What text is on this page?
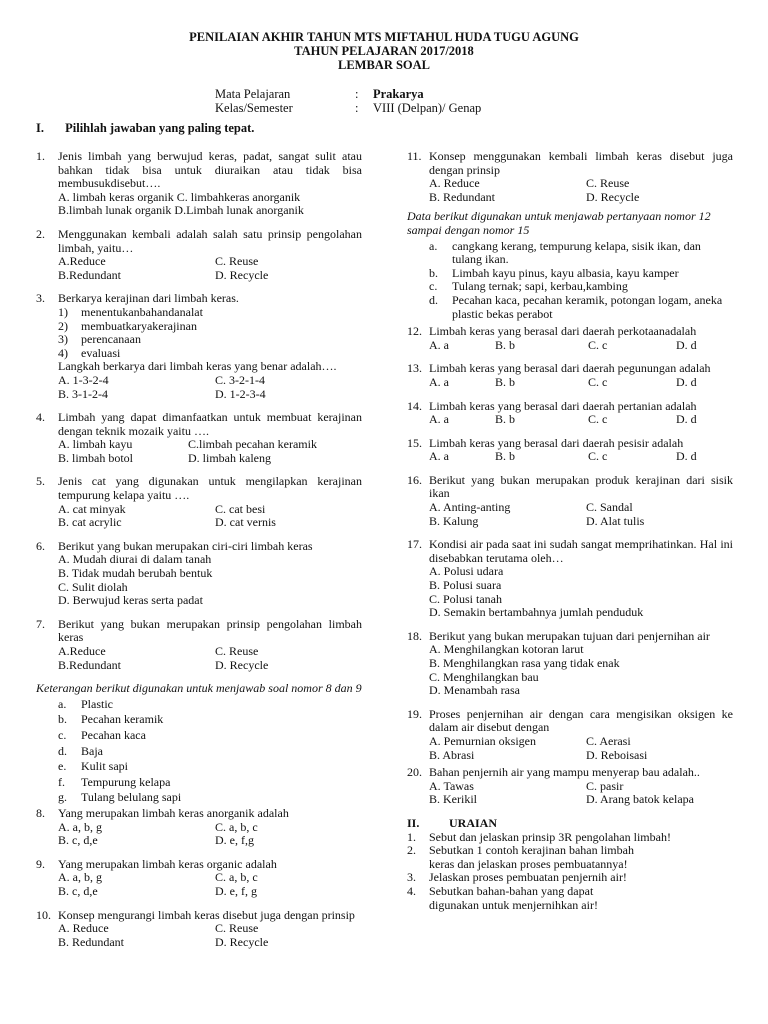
PENILAIAN AKHIR TAHUN MTS MIFTAHUL HUDA TUGU AGUNG
TAHUN PELAJARAN 2017/2018
LEMBAR SOAL
Mata Pelajaran	:	Prakarya
Kelas/Semester	:	VIII (Delpan)/ Genap
I. Pilihlah jawaban yang paling tepat.
1.	Jenis limbah yang berwujud keras, padat, sangat sulit atau bahkan tidak bisa untuk diuraikan atau tidak bisa membusukdisebut….
A. limbah keras organik C. limbahkeras anorganik
B.limbah lunak organik D.Limbah lunak anorganik
2.	Menggunakan kembali adalah salah satu prinsip pengolahan limbah, yaitu…
A.Reduce	C. Reuse
B.Redundant	D. Recycle
3.	Berkarya kerajinan dari limbah keras.
1)	menentukanbahandanalat
2)	membuatkaryakerajinan
3)	perencanaan
4)	evaluasi
Langkah berkarya dari limbah keras yang benar adalah….
A. 1-3-2-4	C. 3-2-1-4
B. 3-1-2-4	D. 1-2-3-4
4.	Limbah yang dapat dimanfaatkan untuk membuat kerajinan dengan teknik mozaik yaitu ….
A. limbah kayu	C.limbah pecahan keramik
B. limbah botol	D. limbah kaleng
5.	Jenis cat yang digunakan untuk mengilapkan kerajinan tempurung kelapa yaitu ….
A. cat minyak	C. cat besi
B. cat acrylic	D. cat vernis
6.	Berikut yang bukan merupakan ciri-ciri limbah keras
A. Mudah diurai di dalam tanah
B. Tidak mudah berubah bentuk
C. Sulit diolah
D. Berwujud keras serta padat
7.	Berikut yang bukan merupakan prinsip pengolahan limbah keras
A.Reduce	C. Reuse
B.Redundant	D. Recycle
Keterangan berikut digunakan untuk menjawab soal nomor 8 dan 9
a.	Plastic
b.	Pecahan keramik
c.	Pecahan kaca
d.	Baja
e.	Kulit sapi
f.	Tempurung kelapa
g.	Tulang belulang sapi
8.	Yang merupakan limbah keras anorganik adalah
A. a, b, g	C. a, b, c
B. c, d,e	D. e, f,g
9.	Yang merupakan limbah keras organic adalah
A. a, b, g	C. a, b, c
B. c, d,e	D. e, f, g
10. Konsep mengurangi limbah keras disebut juga dengan prinsip
A. Reduce	C. Reuse
B. Redundant	D. Recycle
11. Konsep menggunakan kembali limbah keras disebut juga dengan prinsip
A. Reduce	C. Reuse
B. Redundant	D. Recycle
Data berikut digunakan untuk menjawab pertanyaan nomor 12 sampai dengan nomor 15
a.	cangkang kerang, tempurung kelapa, sisik ikan, dan tulang ikan.
b.	Limbah kayu pinus, kayu albasia, kayu kamper
c.	Tulang ternak; sapi, kerbau,kambing
d.	Pecahan kaca, pecahan keramik, potongan logam, aneka plastic bekas perabot
12. Limbah keras yang berasal dari daerah perkotaanadalah
A. a	B. b	C. c	D. d
13. Limbah keras yang berasal dari daerah pegunungan adalah
A. a	B. b	C. c	D. d
14. Limbah keras yang berasal dari daerah pertanian adalah
A. a	B. b	C. c	D. d
15. Limbah keras yang berasal dari daerah pesisir adalah
A. a	B. b	C. c	D. d
16. Berikut yang bukan merupakan produk kerajinan dari sisik ikan
A. Anting-anting	C. Sandal
B. Kalung	D. Alat tulis
17. Kondisi air pada saat ini sudah sangat memprihatinkan. Hal ini disebabkan terutama oleh…
A. Polusi udara
B. Polusi suara
C. Polusi tanah
D. Semakin bertambahnya jumlah penduduk
18. Berikut yang bukan merupakan tujuan dari penjernihan air
A. Menghilangkan kotoran larut
B. Menghilangkan rasa yang tidak enak
C. Menghilangkan bau
D. Menambah rasa
19. Proses penjernihan air dengan cara mengisikan oksigen ke dalam air disebut dengan
A. Pemurnian oksigen	C. Aerasi
B. Abrasi	D. Reboisasi
20. Bahan penjernih air yang mampu menyerap bau adalah..
A. Tawas	C. pasir
B. Kerikil	D. Arang batok kelapa
II.	URAIAN
1.	Sebut dan jelaskan prinsip 3R pengolahan limbah!
2.	Sebutkan 1 contoh kerajinan bahan limbah
keras dan jelaskan proses pembuatannya!
3.	Jelaskan proses pembuatan penjernih air!
4.	Sebutkan bahan-bahan yang dapat
digunakan untuk menjernihkan air!
